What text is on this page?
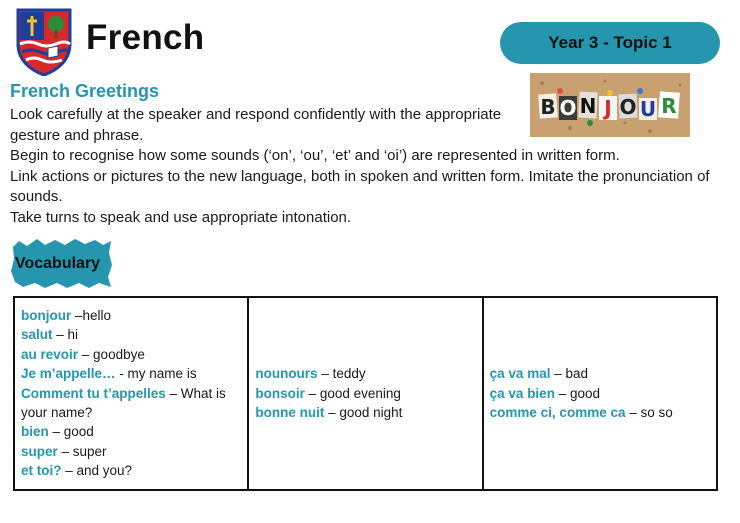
French	Year 3 - Topic 1
French Greetings

Look carefully at the speaker and respond confidently with the appropriate gesture and phrase.

Begin to recognise how some sounds (‘on’, ‘ou’, ‘et’ and ‘oi’) are represented in written form.

Link actions or pictures to the new language, both in spoken and written form. Imitate the pronunciation of sounds.

Take turns to speak and use appropriate intonation.

B O N J O U R
Vocabulary
bonjour –hello
salut – hi
au revoir – goodbye
Je m’appelle… - my name is
Comment tu t’appelles – What is your name?
bien – good
super – super
et toi? – and you?

nounours – teddy
bonsoir – good evening
bonne nuit – good night

ça va mal – bad
ça va bien – good
comme ci, comme ca – so so
